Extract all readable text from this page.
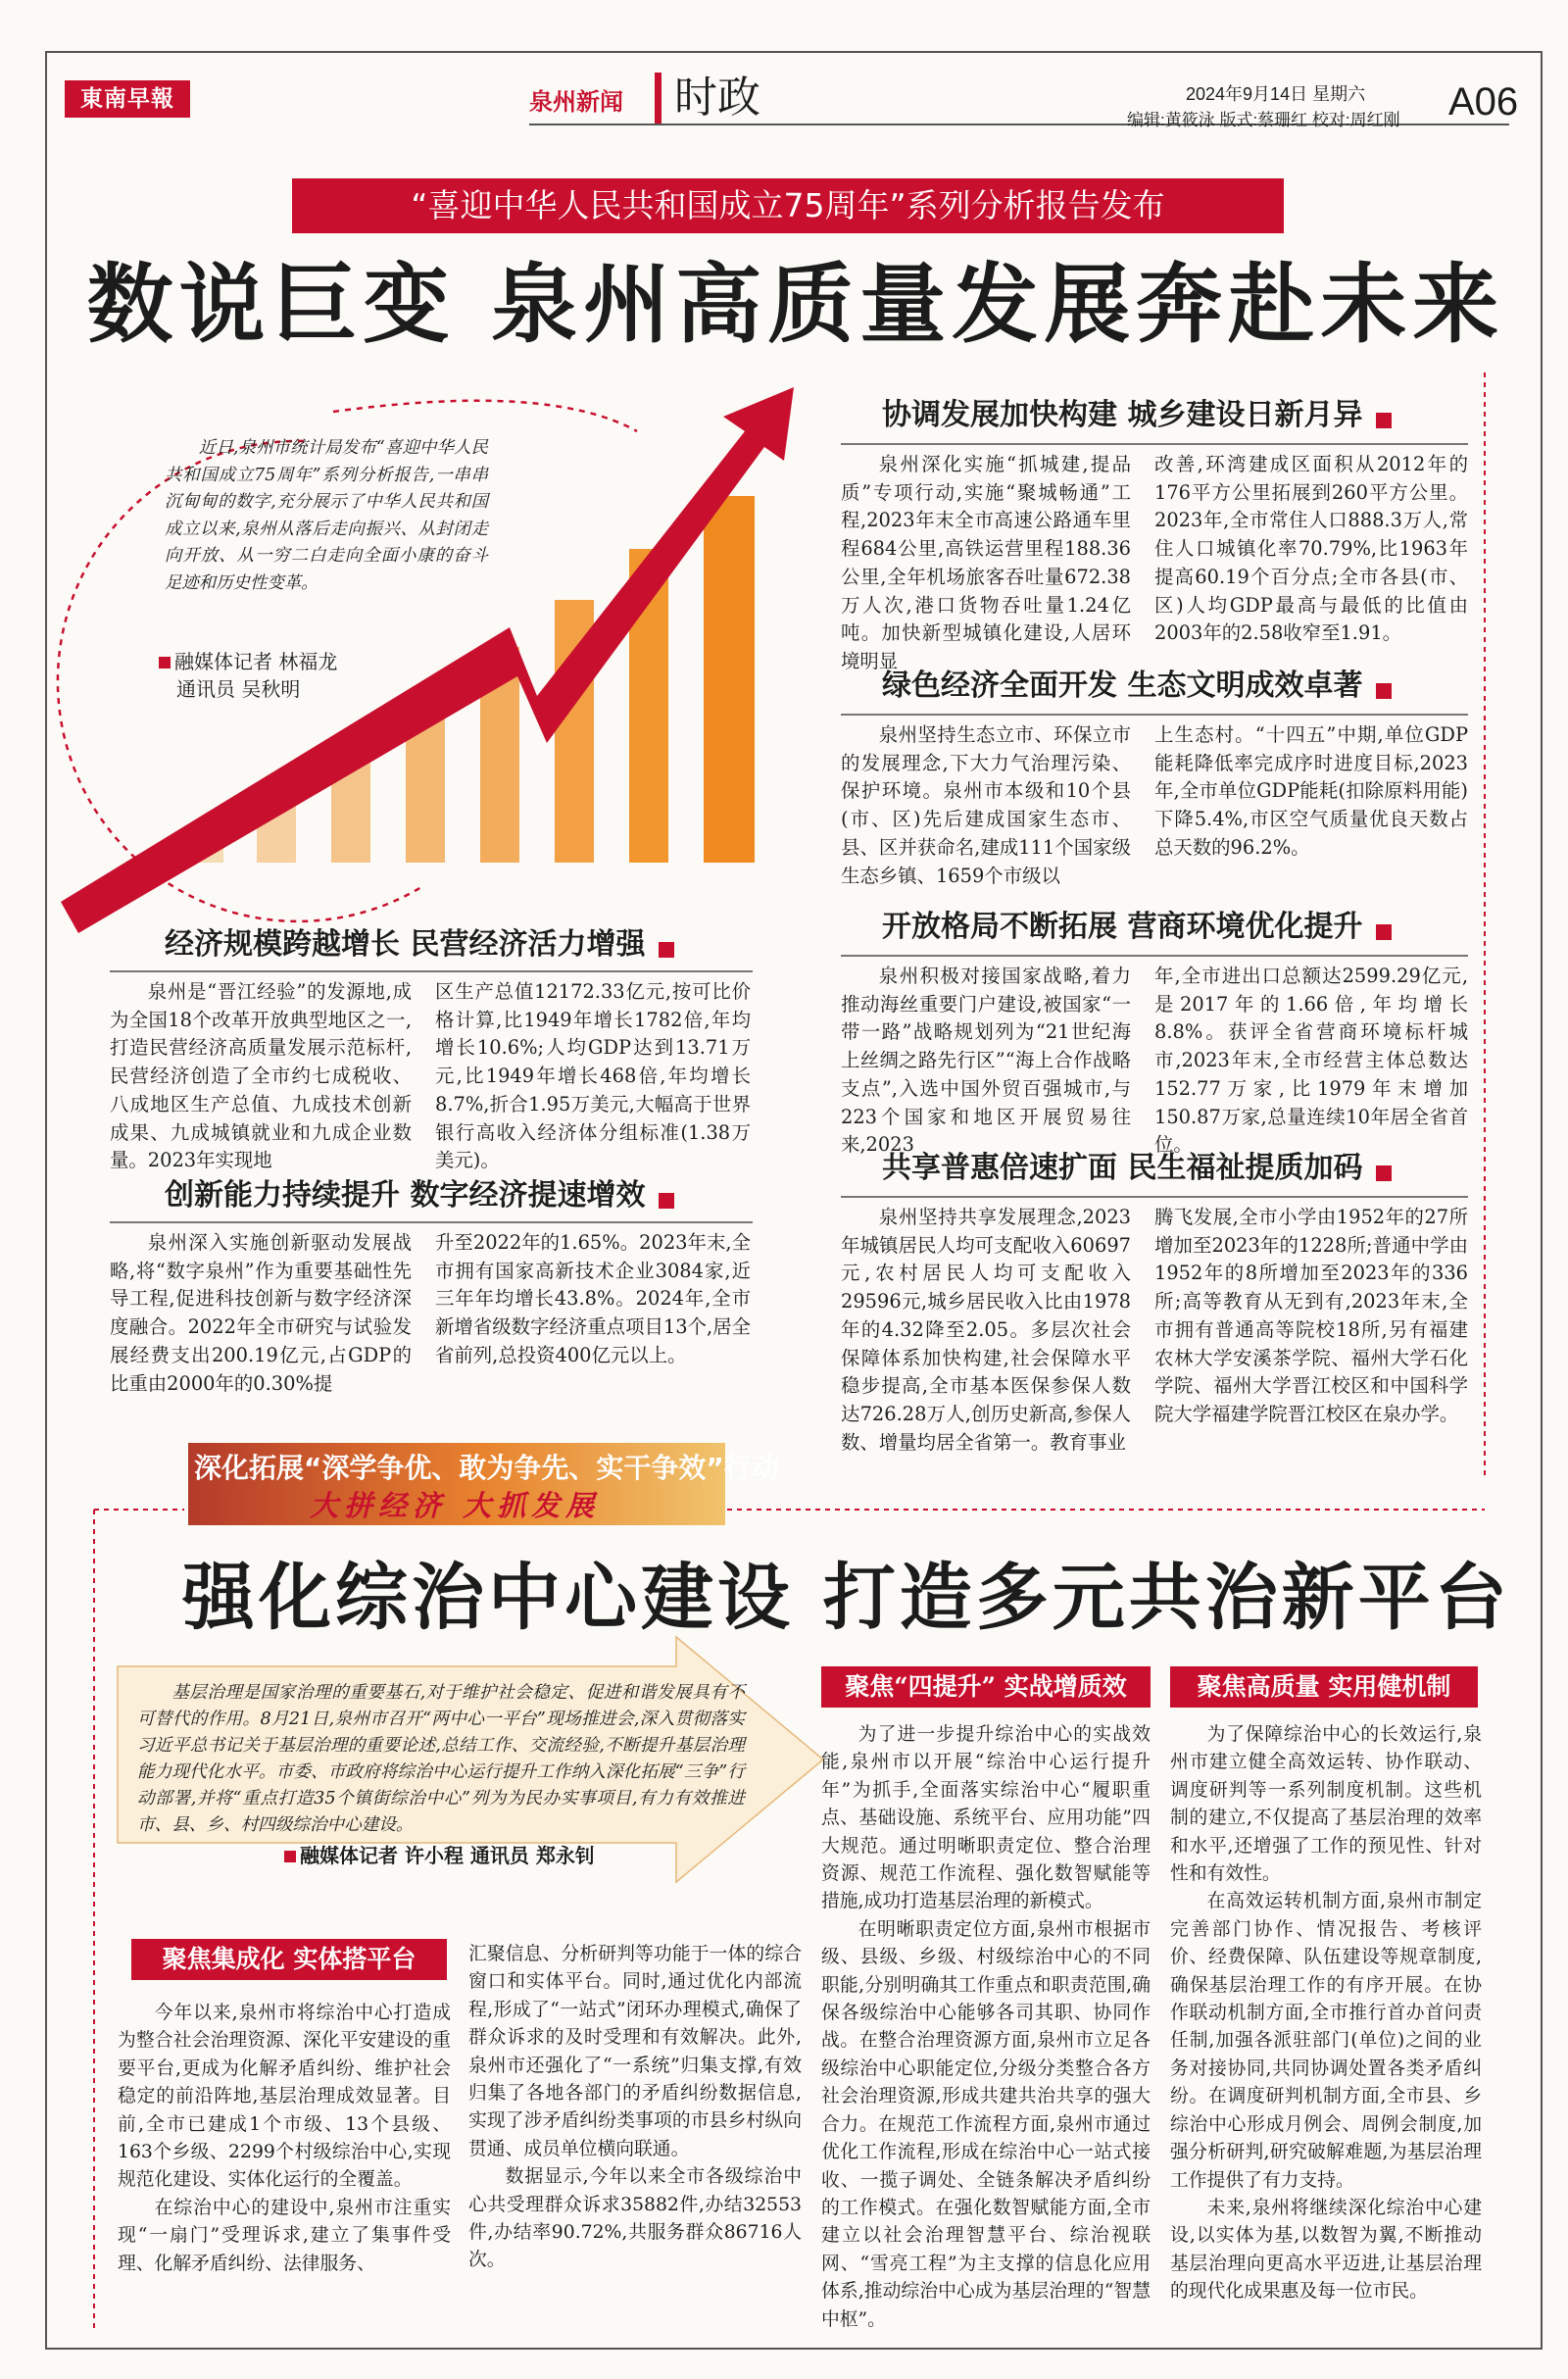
東南早報	泉州新闻 时政	2024年9月14日 星期六
编辑:黄筱泳 版式:蔡珊红 校对:周红刚 A06
“喜迎中华人民共和国成立75周年”系列分析报告发布
数说巨变 泉州高质量发展奔赴未来
近日,泉州市统计局发布“喜迎中华人民共和国成立75周年”系列分析报告,一串串沉甸甸的数字,充分展示了中华人民共和国成立以来,泉州从落后走向振兴、从封闭走向开放、从一穷二白走向全面小康的奋斗足迹和历史性变革。
融媒体记者 林福龙
通讯员 吴秋明
协调发展加快构建 城乡建设日新月异
泉州深化实施“抓城建,提品质”专项行动,实施“聚城畅通”工程,2023年末全市高速公路通车里程684公里,高铁运营里程188.36公里,全年机场旅客吞吐量672.38万人次,港口货物吞吐量1.24亿吨。加快新型城镇化建设,人居环境明显
改善,环湾建成区面积从2012年的176平方公里拓展到260平方公里。2023年,全市常住人口888.3万人,常住人口城镇化率70.79%,比1963年提高60.19个百分点;全市各县(市、区)人均GDP最高与最低的比值由2003年的2.58收窄至1.91。
绿色经济全面开发 生态文明成效卓著
泉州坚持生态立市、环保立市的发展理念,下大力气治理污染、保护环境。泉州市本级和10个县(市、区)先后建成国家生态市、县、区并获命名,建成111个国家级生态乡镇、1659个市级以
上生态村。“十四五”中期,单位GDP能耗降低率完成序时进度目标,2023年,全市单位GDP能耗(扣除原料用能)下降5.4%,市区空气质量优良天数占总天数的96.2%。
开放格局不断拓展 营商环境优化提升
泉州积极对接国家战略,着力推动海丝重要门户建设,被国家“一带一路”战略规划列为“21世纪海上丝绸之路先行区”“海上合作战略支点”,入选中国外贸百强城市,与223个国家和地区开展贸易往来,2023
年,全市进出口总额达2599.29亿元,是2017年的1.66倍,年均增长8.8%。获评全省营商环境标杆城市,2023年末,全市经营主体总数达152.77万家,比1979年末增加150.87万家,总量连续10年居全省首位。
共享普惠倍速扩面 民生福祉提质加码
泉州坚持共享发展理念,2023年城镇居民人均可支配收入60697元,农村居民人均可支配收入29596元,城乡居民收入比由1978年的4.32降至2.05。多层次社会保障体系加快构建,社会保障水平稳步提高,全市基本医保参保人数达726.28万人,创历史新高,参保人数、增量均居全省第一。教育事业
腾飞发展,全市小学由1952年的27所增加至2023年的1228所;普通中学由1952年的8所增加至2023年的336所;高等教育从无到有,2023年末,全市拥有普通高等院校18所,另有福建农林大学安溪茶学院、福州大学石化学院、福州大学晋江校区和中国科学院大学福建学院晋江校区在泉办学。
经济规模跨越增长 民营经济活力增强
泉州是“晋江经验”的发源地,成为全国18个改革开放典型地区之一,打造民营经济高质量发展示范标杆,民营经济创造了全市约七成税收、八成地区生产总值、九成技术创新成果、九成城镇就业和九成企业数量。2023年实现地
区生产总值12172.33亿元,按可比价格计算,比1949年增长1782倍,年均增长10.6%;人均GDP达到13.71万元,比1949年增长468倍,年均增长8.7%,折合1.95万美元,大幅高于世界银行高收入经济体分组标准(1.38万美元)。
创新能力持续提升 数字经济提速增效
泉州深入实施创新驱动发展战略,将“数字泉州”作为重要基础性先导工程,促进科技创新与数字经济深度融合。2022年全市研究与试验发展经费支出200.19亿元,占GDP的比重由2000年的0.30%提
升至2022年的1.65%。2023年末,全市拥有国家高新技术企业3084家,近三年年均增长43.8%。2024年,全市新增省级数字经济重点项目13个,居全省前列,总投资400亿元以上。
深化拓展“深学争优、敢为争先、实干争效”行动
大拼经济 大抓发展
强化综治中心建设 打造多元共治新平台
基层治理是国家治理的重要基石,对于维护社会稳定、促进和谐发展具有不可替代的作用。8月21日,泉州市召开“两中心一平台”现场推进会,深入贯彻落实习近平总书记关于基层治理的重要论述,总结工作、交流经验,不断提升基层治理能力现代化水平。市委、市政府将综治中心运行提升工作纳入深化拓展“三争”行动部署,并将“重点打造35个镇街综治中心”列为为民办实事项目,有力有效推进市、县、乡、村四级综治中心建设。
融媒体记者 许小程 通讯员 郑永钊
聚焦集成化 实体搭平台
聚焦“四提升” 实战增质效	聚焦高质量 实用健机制

今年以来,泉州市将综治中心打造成为整合社会治理资源、深化平安建设的重要平台,更成为化解矛盾纠纷、维护社会稳定的前沿阵地,基层治理成效显著。目前,全市已建成1个市级、13个县级、163个乡级、2299个村级综治中心,实现规范化建设、实体化运行的全覆盖。

在综治中心的建设中,泉州市注重实现“一扇门”受理诉求,建立了集事件受理、化解矛盾纠纷、法律服务、

汇聚信息、分析研判等功能于一体的综合窗口和实体平台。同时,通过优化内部流程,形成了“一站式”闭环办理模式,确保了群众诉求的及时受理和有效解决。此外,泉州市还强化了“一系统”归集支撑,有效归集了各地各部门的矛盾纠纷数据信息,实现了涉矛盾纠纷类事项的市县乡村纵向贯通、成员单位横向联通。

数据显示,今年以来全市各级综治中心共受理群众诉求35882件,办结32553件,办结率90.72%,共服务群众86716人次。

为了进一步提升综治中心的实战效能,泉州市以开展“综治中心运行提升年”为抓手,全面落实综治中心“履职重点、基础设施、系统平台、应用功能”四大规范。通过明晰职责定位、整合治理资源、规范工作流程、强化数智赋能等措施,成功打造基层治理的新模式。

在明晰职责定位方面,泉州市根据市级、县级、乡级、村级综治中心的不同职能,分别明确其工作重点和职责范围,确保各级综治中心能够各司其职、协同作战。在整合治理资源方面,泉州市立足各级综治中心职能定位,分级分类整合各方社会治理资源,形成共建共治共享的强大合力。在规范工作流程方面,泉州市通过优化工作流程,形成在综治中心一站式接收、一揽子调处、全链条解决矛盾纠纷的工作模式。在强化数智赋能方面,全市建立以社会治理智慧平台、综治视联网、“雪亮工程”为主支撑的信息化应用体系,推动综治中心成为基层治理的“智慧中枢”。

为了保障综治中心的长效运行,泉州市建立健全高效运转、协作联动、调度研判等一系列制度机制。这些机制的建立,不仅提高了基层治理的效率和水平,还增强了工作的预见性、针对性和有效性。

在高效运转机制方面,泉州市制定完善部门协作、情况报告、考核评价、经费保障、队伍建设等规章制度,确保基层治理工作的有序开展。在协作联动机制方面,全市推行首办首问责任制,加强各派驻部门(单位)之间的业务对接协同,共同协调处置各类矛盾纠纷。在调度研判机制方面,全市县、乡综治中心形成月例会、周例会制度,加强分析研判,研究破解难题,为基层治理工作提供了有力支持。

未来,泉州将继续深化综治中心建设,以实体为基,以数智为翼,不断推动基层治理向更高水平迈进,让基层治理的现代化成果惠及每一位市民。
